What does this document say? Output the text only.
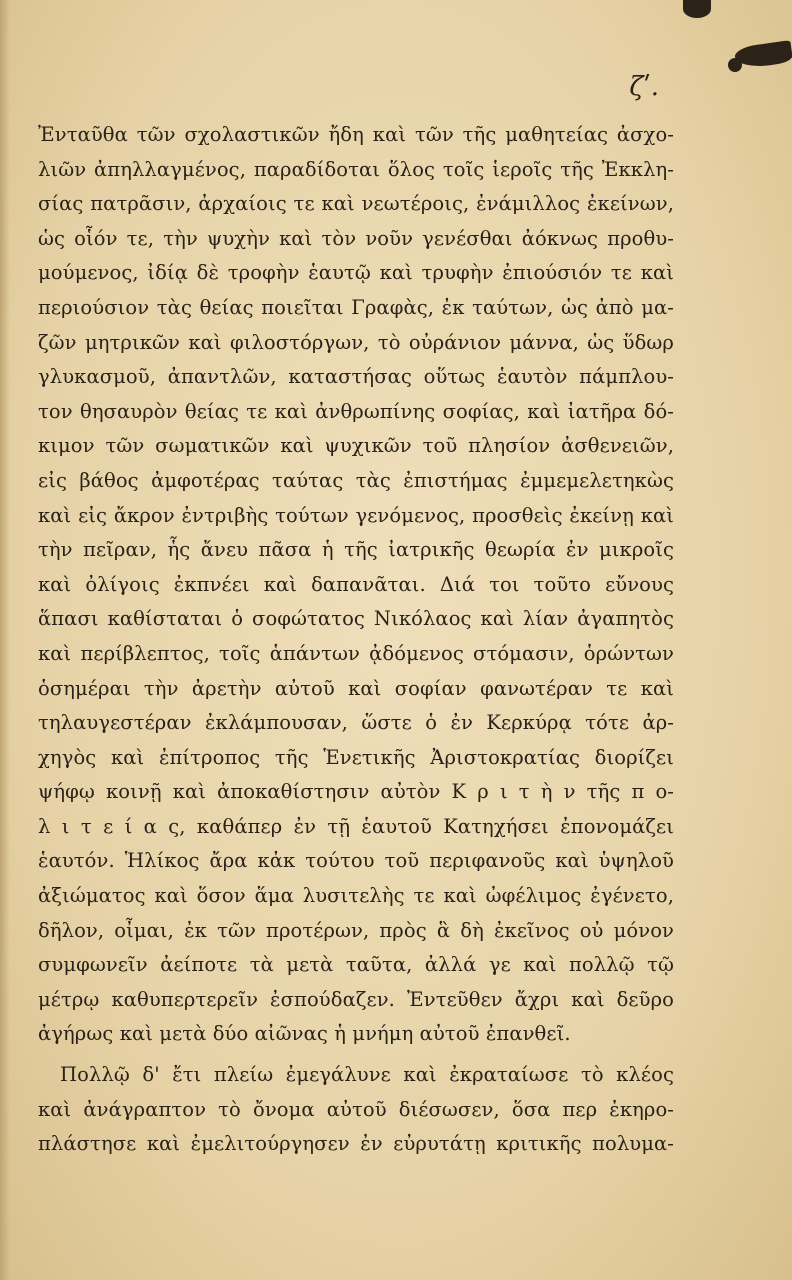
ζʹ.
Ἐνταῦθα τῶν σχολαστικῶν ἤδη καὶ τῶν τῆς μαθητείας ἀσχο-
λιῶν ἀπηλλαγμένος, παραδίδοται ὅλος τοῖς ἱεροῖς τῆς Ἐκκλη-
σίας πατρᾶσιν, ἀρχαίοις τε καὶ νεωτέροις, ἐνάμιλλος ἐκείνων,
ὡς οἷόν τε, τὴν ψυχὴν καὶ τὸν νοῦν γενέσθαι ἀόκνως προθυ-
μούμενος, ἰδίᾳ δὲ τροφὴν ἑαυτῷ καὶ τρυφὴν ἐπιούσιόν τε καὶ
περιούσιον τὰς θείας ποιεῖται Γραφὰς, ἐκ ταύτων, ὡς ἀπὸ μα-
ζῶν μητρικῶν καὶ φιλοστόργων, τὸ οὐράνιον μάννα, ὡς ὕδωρ
γλυκασμοῦ, ἀπαντλῶν, καταστήσας οὕτως ἑαυτὸν πάμπλου-
τον θησαυρὸν θείας τε καὶ ἀνθρωπίνης σοφίας, καὶ ἰατῆρα δό-
κιμον τῶν σωματικῶν καὶ ψυχικῶν τοῦ πλησίον ἀσθενειῶν,
εἰς βάθος ἀμφοτέρας ταύτας τὰς ἐπιστήμας ἐμμεμελετηκὼς
καὶ εἰς ἄκρον ἐντριβὴς τούτων γενόμενος, προσθεὶς ἐκείνῃ καὶ
τὴν πεῖραν, ἧς ἄνευ πᾶσα ἡ τῆς ἰατρικῆς θεωρία ἐν μικροῖς
καὶ ὀλίγοις ἐκπνέει καὶ δαπανᾶται. Διά τοι τοῦτο εὔνους
ἅπασι καθίσταται ὁ σοφώτατος Νικόλαος καὶ λίαν ἀγαπητὸς
καὶ περίβλεπτος, τοῖς ἁπάντων ᾀδόμενος στόμασιν, ὁρώντων
ὁσημέραι τὴν ἀρετὴν αὐτοῦ καὶ σοφίαν φανωτέραν τε καὶ
τηλαυγεστέραν ἐκλάμπουσαν, ὥστε ὁ ἐν Κερκύρᾳ τότε ἀρ-
χηγὸς καὶ ἐπίτροπος τῆς Ἑνετικῆς Ἀριστοκρατίας διορίζει
ψήφῳ κοινῇ καὶ ἀποκαθίστησιν αὐτὸν Κ ρ ι τ ὴ ν τῆς π ο-
λ ι τ ε ί α ς, καθάπερ ἐν τῇ ἑαυτοῦ Κατηχήσει ἐπονομάζει
ἑαυτόν. Ἡλίκος ἄρα κἀκ τούτου τοῦ περιφανοῦς καὶ ὑψηλοῦ
ἀξιώματος καὶ ὅσον ἅμα λυσιτελὴς τε καὶ ὠφέλιμος ἐγένετο,
δῆλον, οἶμαι, ἐκ τῶν προτέρων, πρὸς ἃ δὴ ἐκεῖνος οὐ μόνον
συμφωνεῖν ἀείποτε τὰ μετὰ ταῦτα, ἀλλά γε καὶ πολλῷ τῷ
μέτρῳ καθυπερτερεῖν ἐσπούδαζεν. Ἐντεῦθεν ἄχρι καὶ δεῦρο
ἀγήρως καὶ μετὰ δύο αἰῶνας ἡ μνήμη αὐτοῦ ἐπανθεῖ.
Πολλῷ δ' ἔτι πλείω ἐμεγάλυνε καὶ ἐκραταίωσε τὸ κλέος
καὶ ἀνάγραπτον τὸ ὄνομα αὐτοῦ διέσωσεν, ὅσα περ ἐκηρο-
πλάστησε καὶ ἐμελιτούργησεν ἐν εὐρυτάτῃ κριτικῆς πολυμα-
